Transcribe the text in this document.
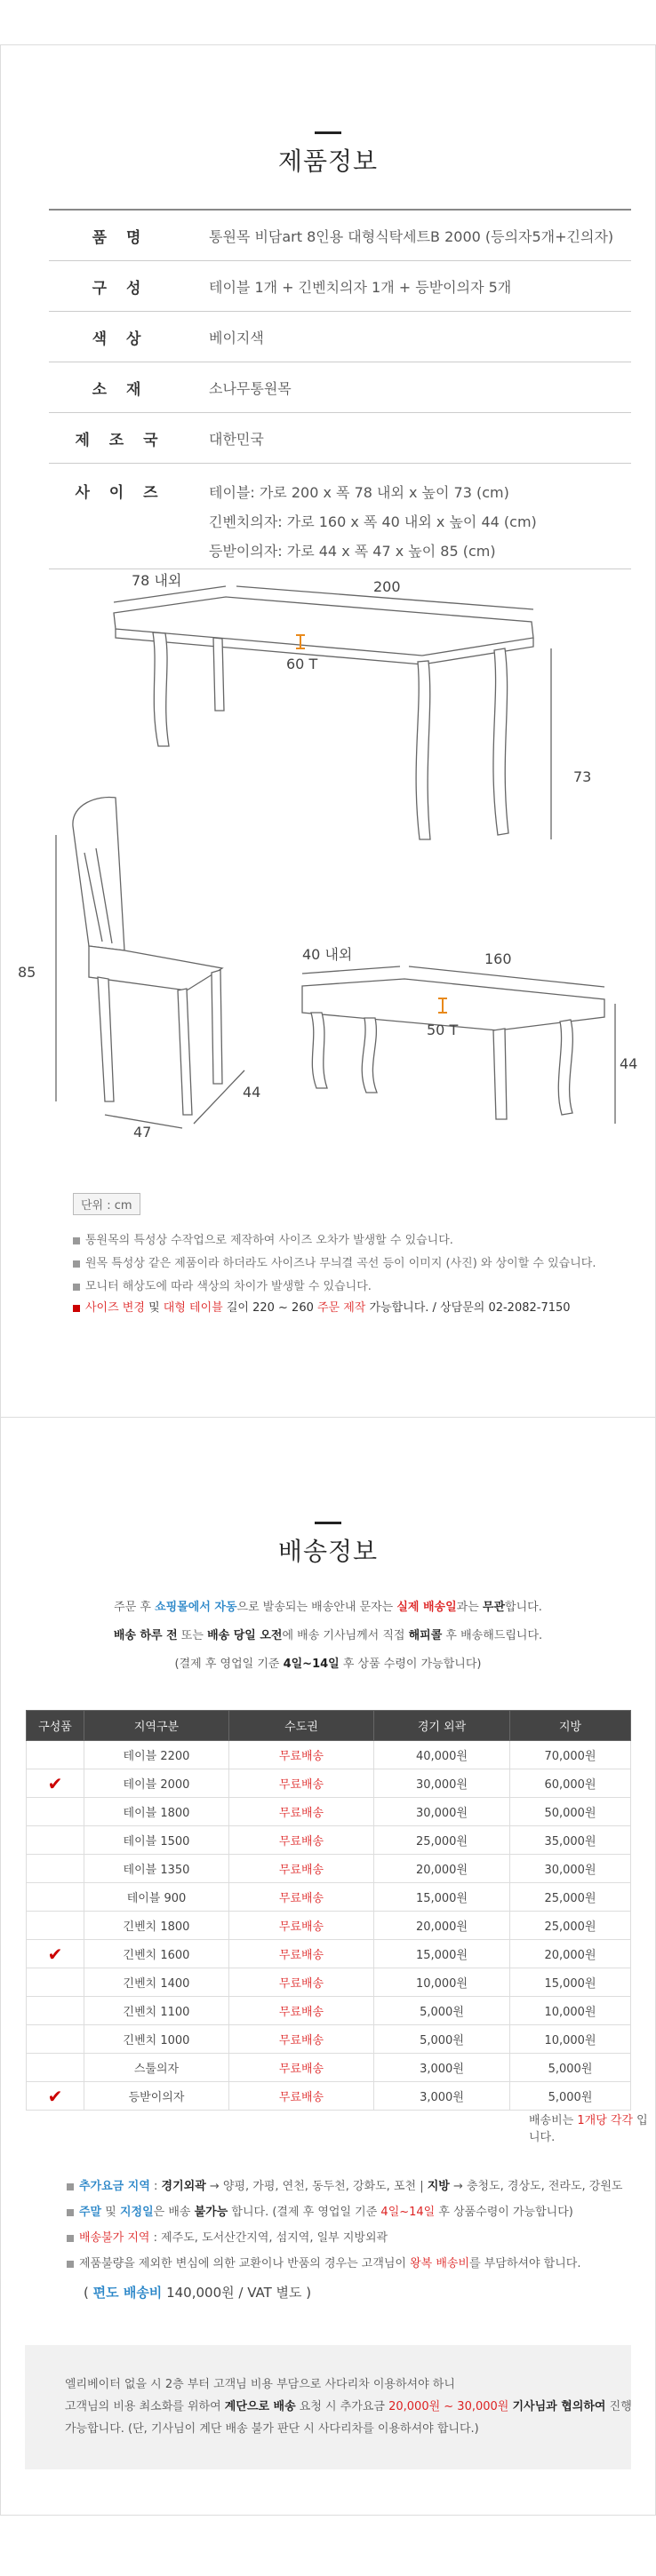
제품정보
품 명	통원목 비담art 8인용 대형식탁세트B 2000 (등의자5개+긴의자)
구 성	테이블 1개 + 긴벤치의자 1개 + 등받이의자 5개
색 상	베이지색
소 재	소나무통원목
제 조 국	대한민국
사 이 즈	테이블: 가로 200 x 폭 78 내외 x 높이 73 (cm)
긴벤치의자: 가로 160 x 폭 40 내외 x 높이 44 (cm)
등받이의자: 가로 44 x 폭 47 x 높이 85 (cm)
78 내외	200
60 T
73
85
44
47
40 내외	160
50 T
44
단위 : cm
통원목의 특성상 수작업으로 제작하여 사이즈 오차가 발생할 수 있습니다.
원목 특성상 같은 제품이라 하더라도 사이즈나 무늬결 곡선 등이 이미지 (사진) 와 상이할 수 있습니다.
모니터 해상도에 따라 색상의 차이가 발생할 수 있습니다.
사이즈 변경 및 대형 테이블 길이 220 ~ 260 주문 제작 가능합니다. / 상담문의 02-2082-7150
배송정보
주문 후 쇼핑몰에서 자동으로 발송되는 배송안내 문자는 실제 배송일과는 무관합니다.
배송 하루 전 또는 배송 당일 오전에 배송 기사님께서 직접 해피콜 후 배송해드립니다.
(결제 후 영업일 기준 4일~14일 후 상품 수령이 가능합니다)
구성품	지역구분	수도권	경기 외곽	지방
	테이블 2200	무료배송	40,000원	70,000원
✔	테이블 2000	무료배송	30,000원	60,000원
	테이블 1800	무료배송	30,000원	50,000원
	테이블 1500	무료배송	25,000원	35,000원
	테이블 1350	무료배송	20,000원	30,000원
	테이블 900	무료배송	15,000원	25,000원
	긴벤치 1800	무료배송	20,000원	25,000원
✔	긴벤치 1600	무료배송	15,000원	20,000원
	긴벤치 1400	무료배송	10,000원	15,000원
	긴벤치 1100	무료배송	5,000원	10,000원
	긴벤치 1000	무료배송	5,000원	10,000원
	스툴의자	무료배송	3,000원	5,000원
✔	등받이의자	무료배송	3,000원	5,000원
배송비는 1개당 각각 입니다.
추가요금 지역 : 경기외곽 → 양평, 가평, 연천, 동두천, 강화도, 포천 | 지방 → 충청도, 경상도, 전라도, 강원도
주말 및 지정일은 배송 불가능 합니다. (결제 후 영업일 기준 4일~14일 후 상품수령이 가능합니다)
배송불가 지역 : 제주도, 도서산간지역, 섬지역, 일부 지방외곽
제품불량을 제외한 변심에 의한 교환이나 반품의 경우는 고객님이 왕복 배송비를 부담하셔야 합니다.
( 편도 배송비 140,000원 / VAT 별도 )

엘리베이터 없을 시 2층 부터 고객님 비용 부담으로 사다리차 이용하셔야 하니

고객님의 비용 최소화를 위하여 계단으로 배송 요청 시 추가요금 20,000원 ~ 30,000원 기사님과 협의하여 진행

가능합니다. (단, 기사님이 계단 배송 불가 판단 시 사다리차를 이용하셔야 합니다.)
